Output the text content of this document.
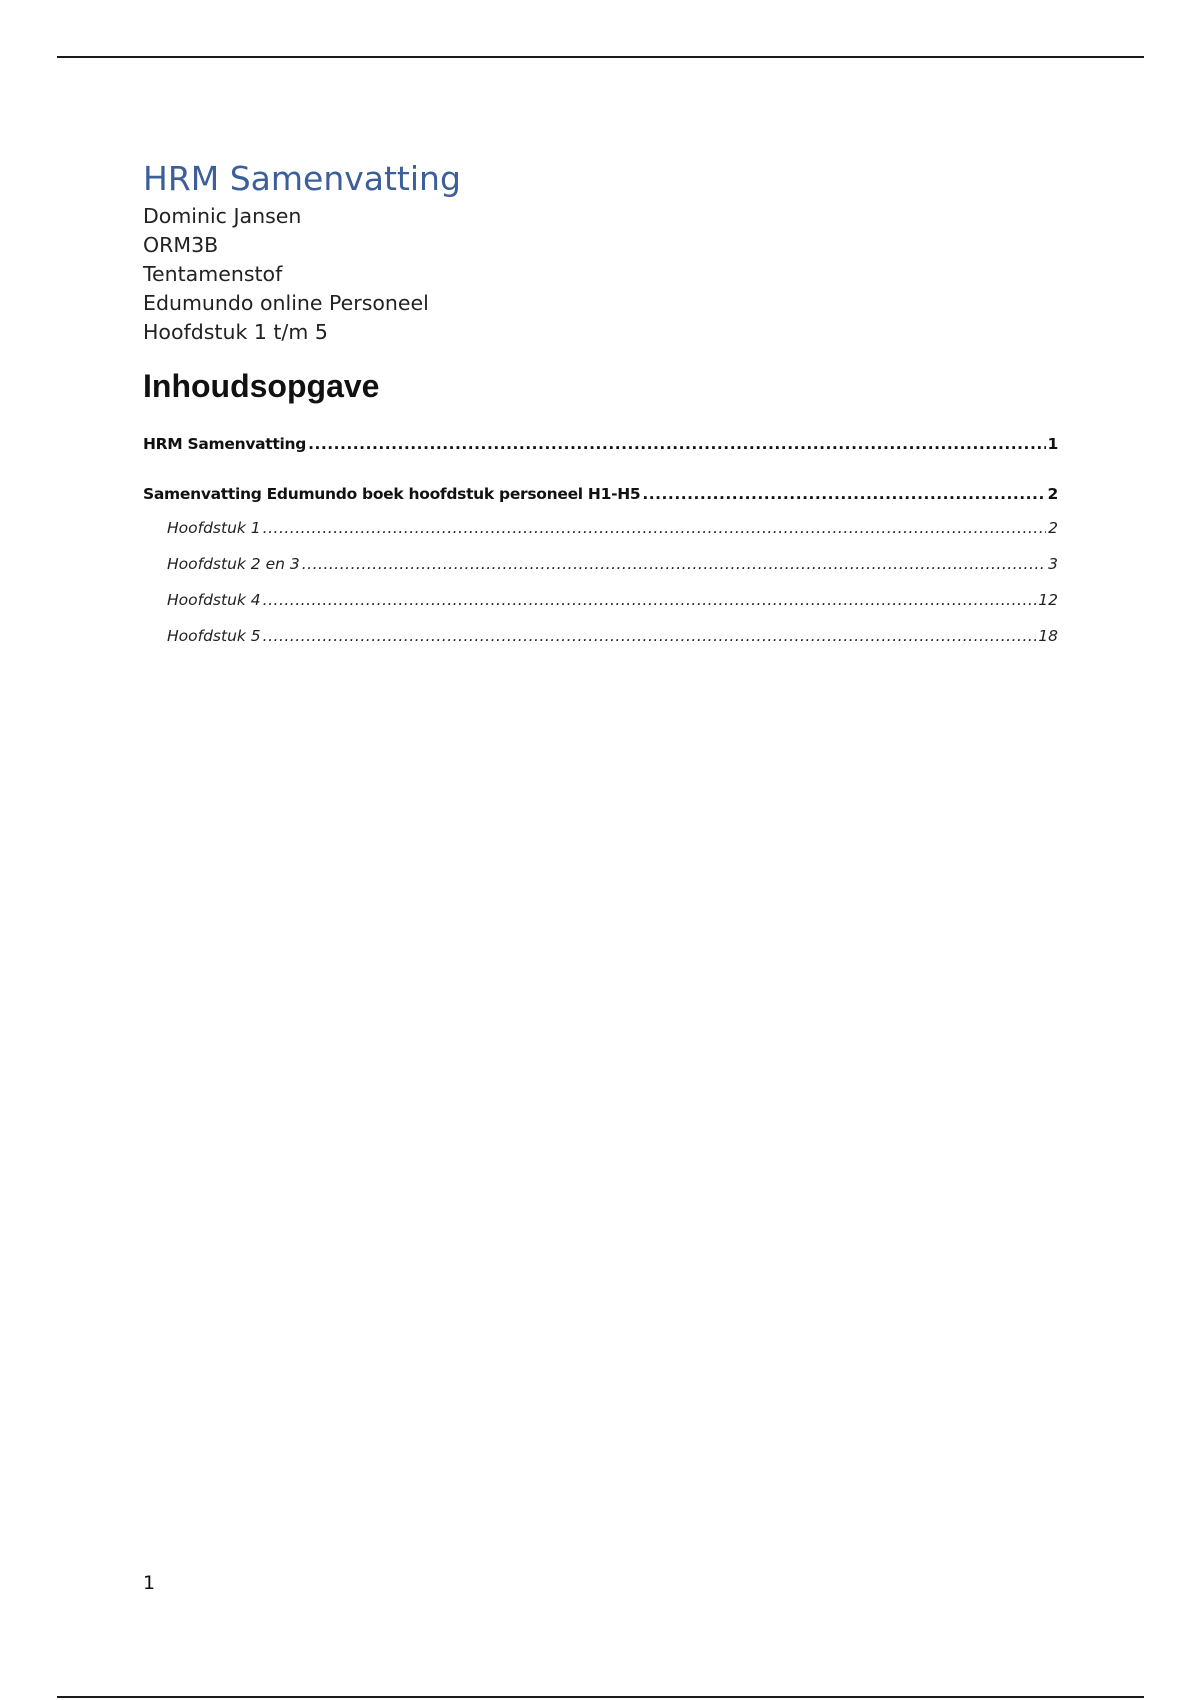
HRM Samenvatting

Dominic Jansen

ORM3B

Tentamenstof

Edumundo online Personeel

Hoofdstuk 1 t/m 5

Inhoudsopgave
HRM Samenvatting .....	1
Samenvatting Edumundo boek hoofdstuk personeel H1-H5 .....	2
Hoofdstuk 1 .....	2
Hoofdstuk 2 en 3 .....	3
Hoofdstuk 4 .....	12
Hoofdstuk 5 .....	18
1
